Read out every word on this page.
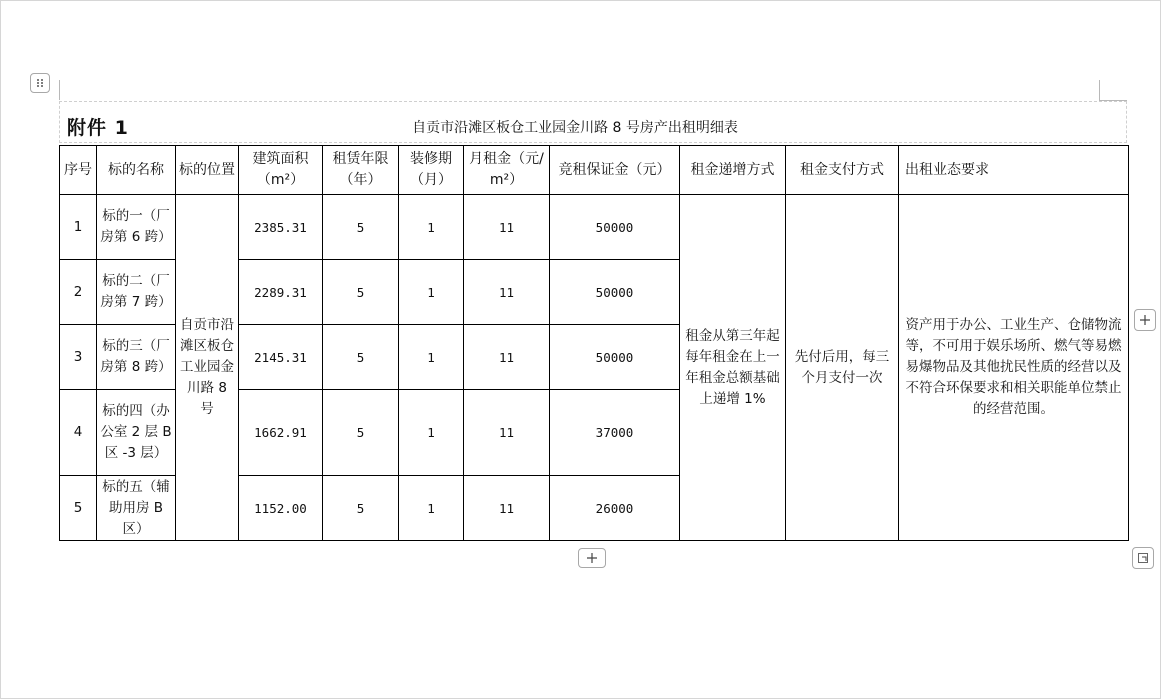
附件 1	自贡市沿滩区板仓工业园金川路 8 号房产出租明细表
序号	标的名称	标的位置	建筑面积（m²）	租赁年限（年）	装修期（月）	月租金（元/m²）	竞租保证金（元）	租金递增方式	租金支付方式	出租业态要求
1	标的一（厂房第 6 跨）	自贡市沿滩区板仓工业园金川路 8 号	2385.31	5	1	11	50000	租金从第三年起每年租金在上一年租金总额基础上递增 1%	先付后用，每三个月支付一次	资产用于办公、工业生产、仓储物流等，不可用于娱乐场所、燃气等易燃易爆物品及其他扰民性质的经营以及不符合环保要求和相关职能单位禁止的经营范围。
2	标的二（厂房第 7 跨）		2289.31	5	1	11	50000			
3	标的三（厂房第 8 跨）		2145.31	5	1	11	50000			
4	标的四（办公室 2 层 B 区 -3 层）		1662.91	5	1	11	37000			
5	标的五（辅助用房 B 区）		1152.00	5	1	11	26000			
